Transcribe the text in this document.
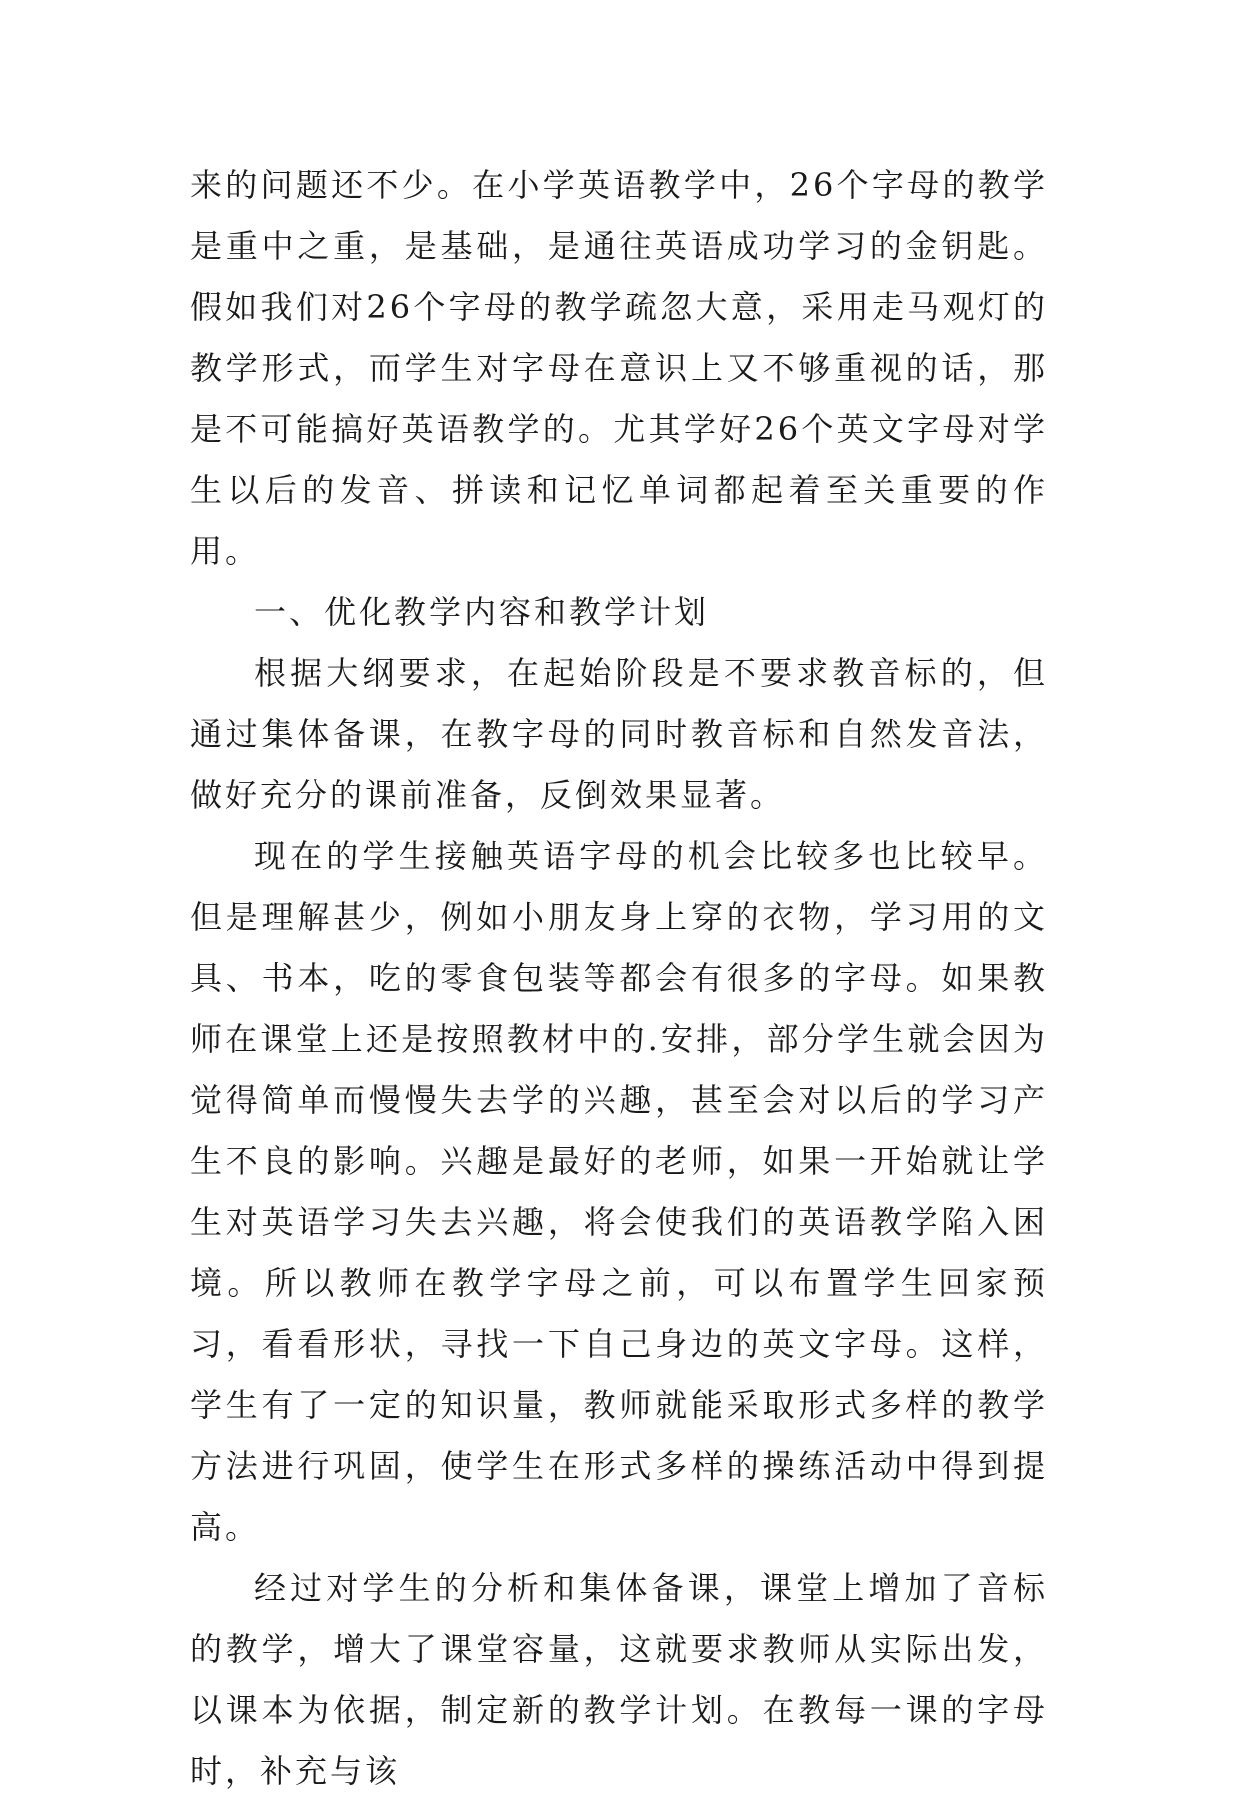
来的问题还不少。在小学英语教学中，26个字母的教学是重中之重，是基础，是通往英语成功学习的金钥匙。假如我们对26个字母的教学疏忽大意，采用走马观灯的教学形式，而学生对字母在意识上又不够重视的话，那是不可能搞好英语教学的。尤其学好26个英文字母对学生以后的发音、拼读和记忆单词都起着至关重要的作用。

一、优化教学内容和教学计划

根据大纲要求，在起始阶段是不要求教音标的，但通过集体备课，在教字母的同时教音标和自然发音法，做好充分的课前准备，反倒效果显著。

现在的学生接触英语字母的机会比较多也比较早。但是理解甚少，例如小朋友身上穿的衣物，学习用的文具、书本，吃的零食包装等都会有很多的字母。如果教师在课堂上还是按照教材中的.安排，部分学生就会因为觉得简单而慢慢失去学的兴趣，甚至会对以后的学习产生不良的影响。兴趣是最好的老师，如果一开始就让学生对英语学习失去兴趣，将会使我们的英语教学陷入困境。所以教师在教学字母之前，可以布置学生回家预习，看看形状，寻找一下自己身边的英文字母。这样，学生有了一定的知识量，教师就能采取形式多样的教学方法进行巩固，使学生在形式多样的操练活动中得到提高。

经过对学生的分析和集体备课，课堂上增加了音标的教学，增大了课堂容量，这就要求教师从实际出发，以课本为依据，制定新的教学计划。在教每一课的字母时，补充与该
